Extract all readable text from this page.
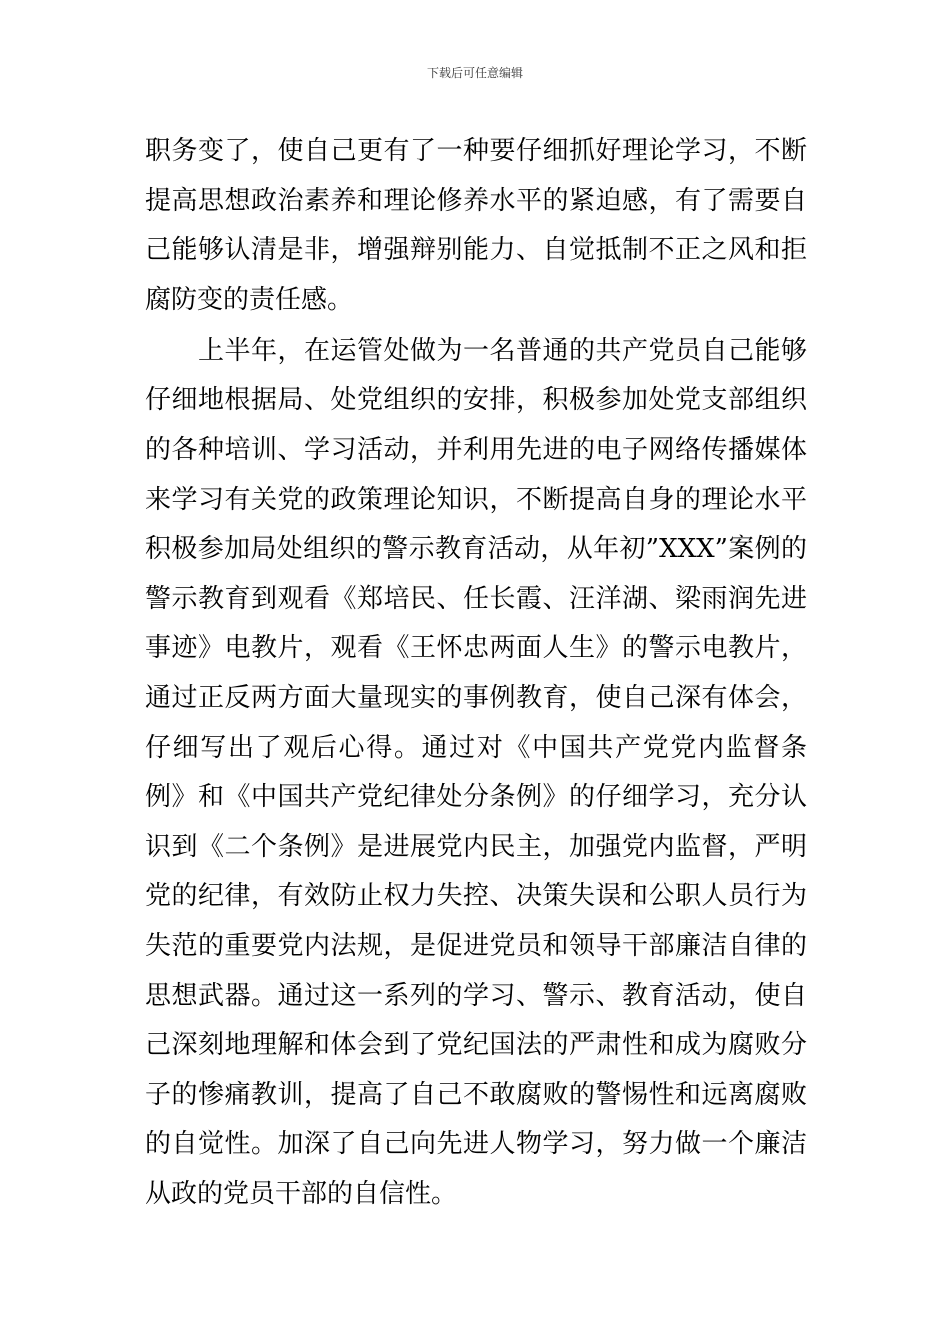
下载后可任意编辑
职务变了，使自己更有了一种要仔细抓好理论学习，不断
提高思想政治素养和理论修养水平的紧迫感，有了需要自
己能够认清是非，增强辩别能力、自觉抵制不正之风和拒
腐防变的责任感。
　　上半年，在运管处做为一名普通的共产党员自己能够
仔细地根据局、处党组织的安排，积极参加处党支部组织
的各种培训、学习活动，并利用先进的电子网络传播媒体
来学习有关党的政策理论知识，不断提高自身的理论水平
积极参加局处组织的警示教育活动，从年初”XXX”案例的
警示教育到观看《郑培民、任长霞、汪洋湖、梁雨润先进
事迹》电教片，观看《王怀忠两面人生》的警示电教片，
通过正反两方面大量现实的事例教育，使自己深有体会，
仔细写出了观后心得。通过对《中国共产党党内监督条
例》和《中国共产党纪律处分条例》的仔细学习，充分认
识到《二个条例》是进展党内民主，加强党内监督，严明
党的纪律，有效防止权力失控、决策失误和公职人员行为
失范的重要党内法规，是促进党员和领导干部廉洁自律的
思想武器。通过这一系列的学习、警示、教育活动，使自
己深刻地理解和体会到了党纪国法的严肃性和成为腐败分
子的惨痛教训，提高了自己不敢腐败的警惕性和远离腐败
的自觉性。加深了自己向先进人物学习，努力做一个廉洁
从政的党员干部的自信性。
